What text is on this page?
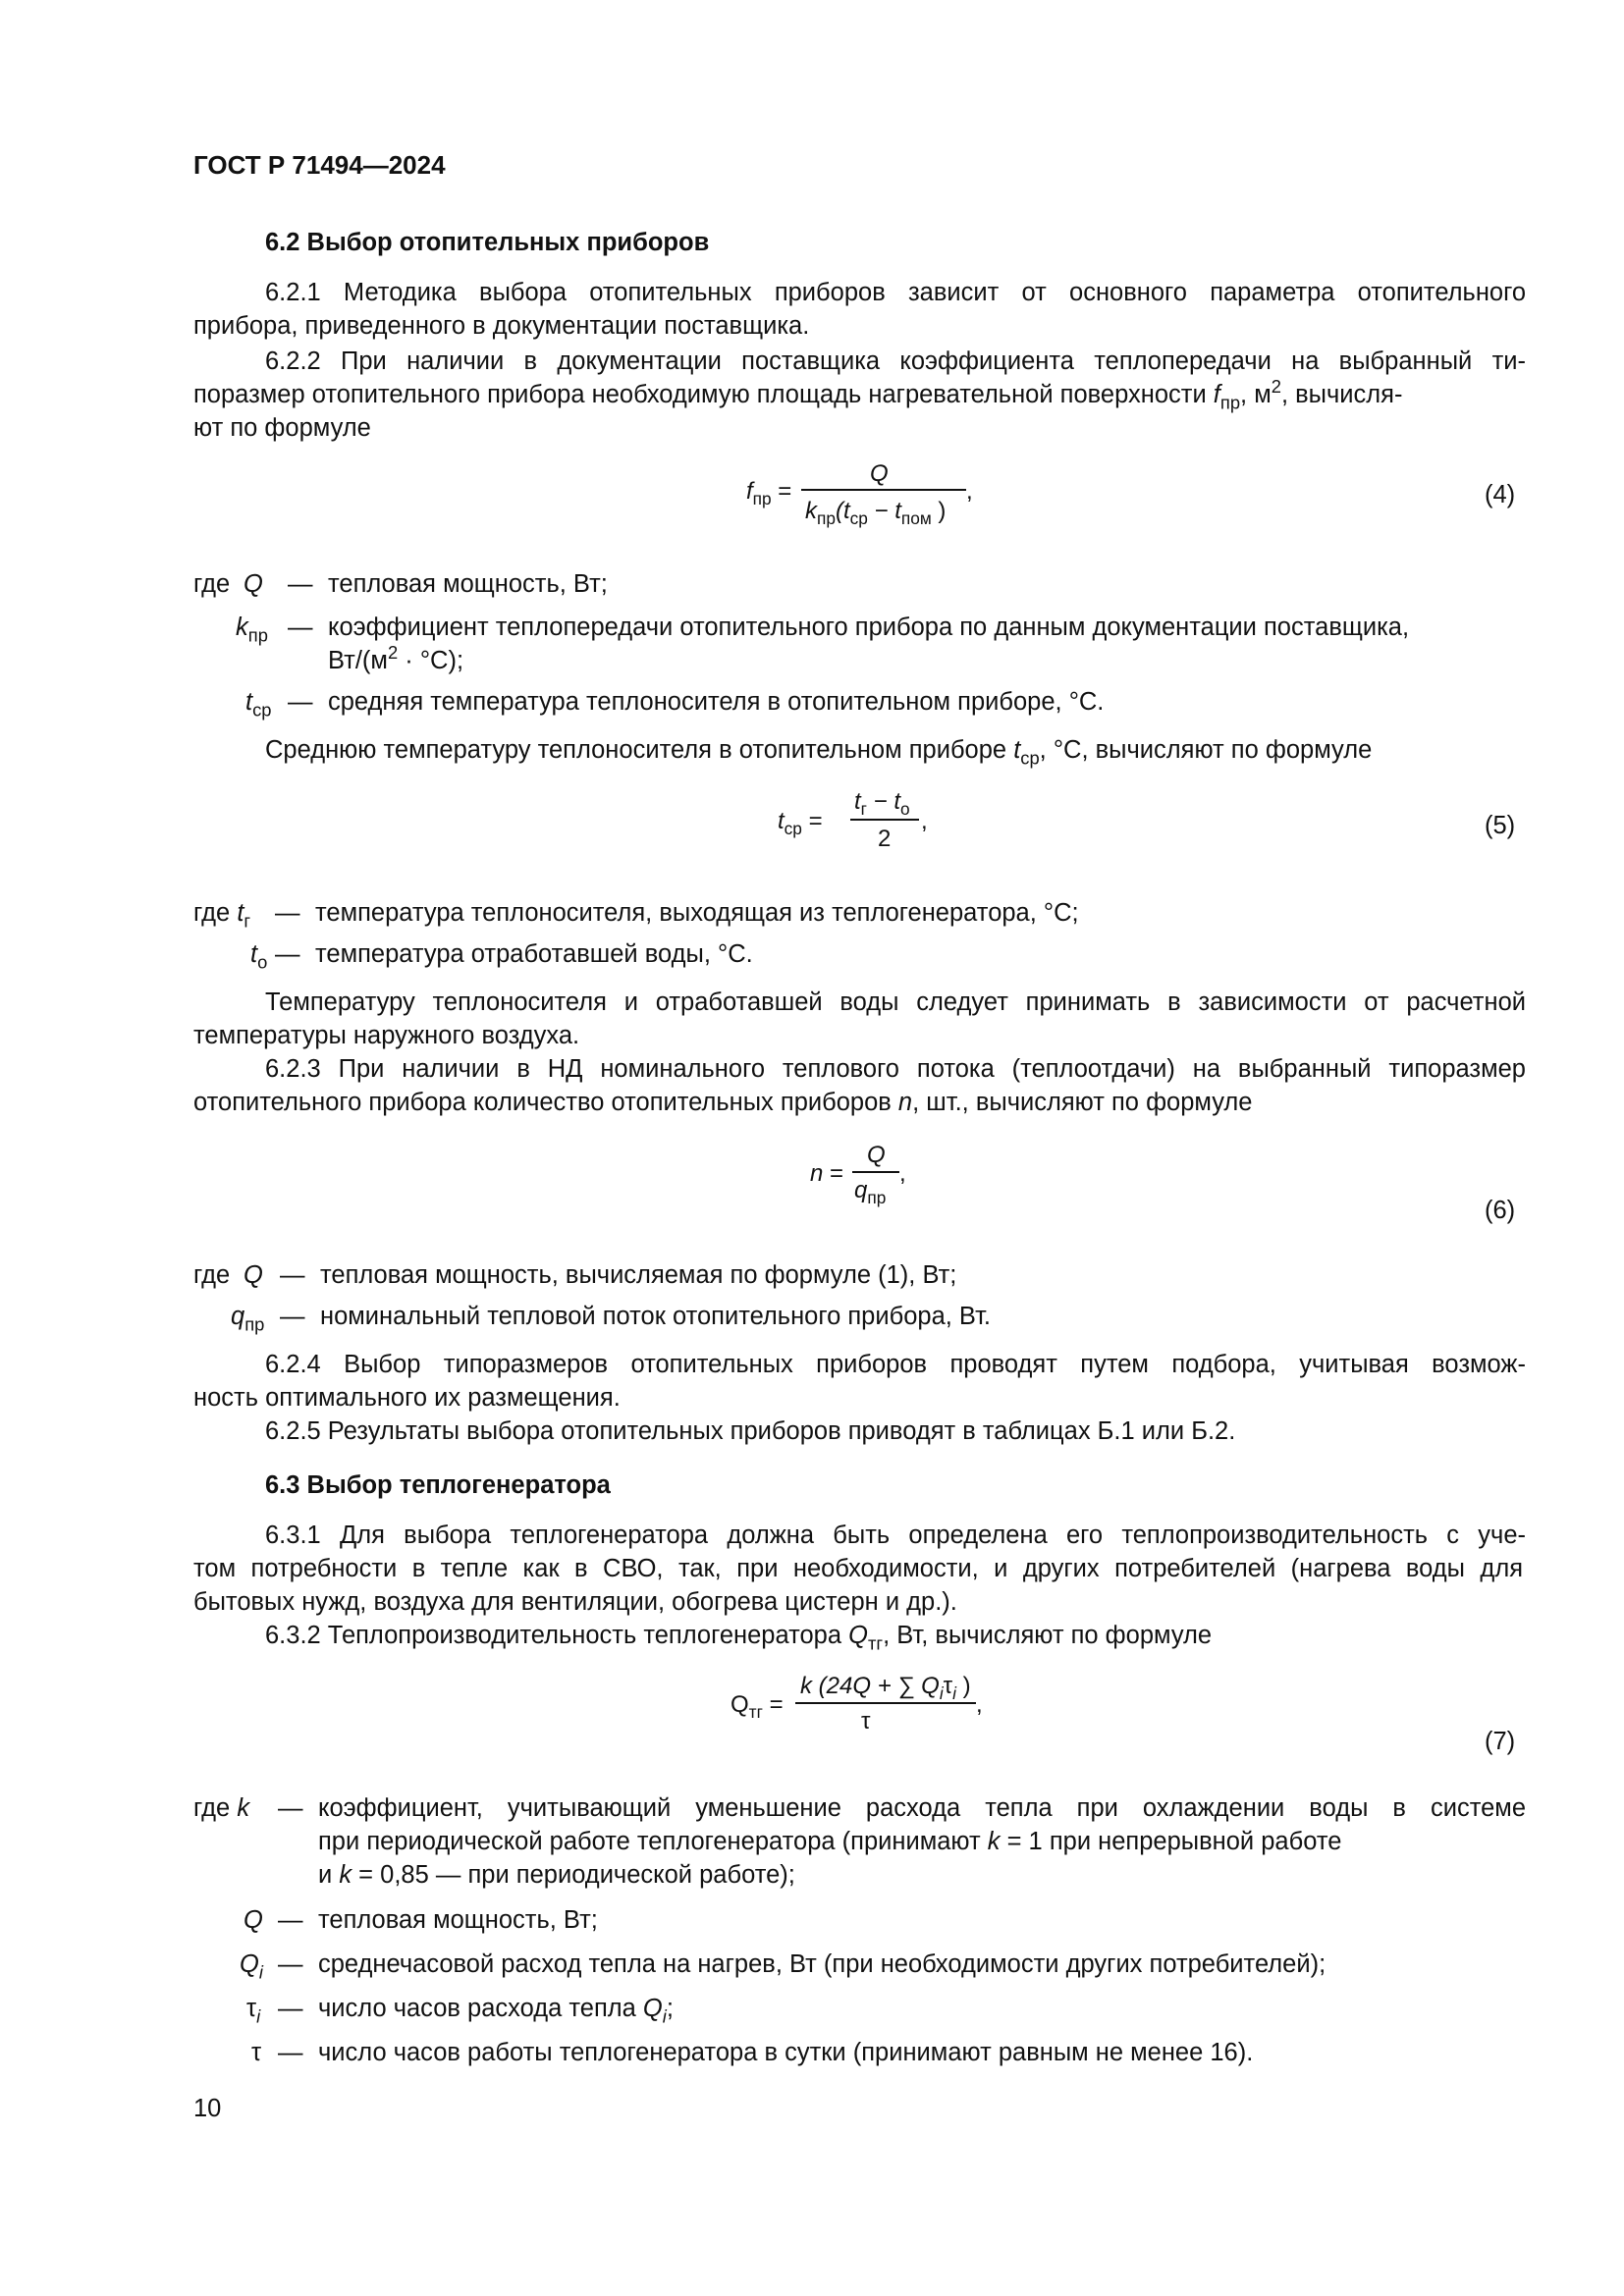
ГОСТ Р 71494—2024
6.2 Выбор отопительных приборов
6.2.1 Методика выбора отопительных приборов зависит от основного параметра отопительного
прибора, приведенного в документации поставщика.
6.2.2 При наличии в документации поставщика коэффициента теплопередачи на выбранный ти-
поразмер отопительного прибора необходимую площадь нагревательной поверхности $f_{пр}$, $м^2$, вычисля-
ют по формуле
$f_{пр}$ =
Q
$k_{пр}(t_{ср} - t_{пом}$ )
,	(4)
где Q — тепловая мощность, Вт;
$k_{пр}$ — коэффициент теплопередачи отопительного прибора по данным документации поставщика,
$Вт/(м^2 \cdot ^\circ С)$;
$t_{ср}$ — средняя температура теплоносителя в отопительном приборе, °С.
Среднюю температуру теплоносителя в отопительном приборе $t_{ср}$, °С, вычисляют по формуле
$t_{ср}$ =
$t_г - t_о$
2
,	(5)
где $t_г$ — температура теплоносителя, выходящая из теплогенератора, °С;
$t_о$ — температура отработавшей воды, °С.
Температуру теплоносителя и отработавшей воды следует принимать в зависимости от расчетной
температуры наружного воздуха.
6.2.3 При наличии в НД номинального теплового потока (теплоотдачи) на выбранный типоразмер
отопительного прибора количество отопительных приборов n, шт., вычисляют по формуле
n =
Q
$q_{пр}$
,
(6)
где Q — тепловая мощность, вычисляемая по формуле (1), Вт;
$q_{пр}$ — номинальный тепловой поток отопительного прибора, Вт.
6.2.4 Выбор типоразмеров отопительных приборов проводят путем подбора, учитывая возмож-
ность оптимального их размещения.
6.2.5 Результаты выбора отопительных приборов приводят в таблицах Б.1 или Б.2.
6.3 Выбор теплогенератора
6.3.1 Для выбора теплогенератора должна быть определена его теплопроизводительность с уче-
том потребности в тепле как в СВО, так, при необходимости, и других потребителей (нагрева воды для
бытовых нужд, воздуха для вентиляции, обогрева цистерн и др.).
6.3.2 Теплопроизводительность теплогенератора $Q_{тг}$, Вт, вычисляют по формуле
$Q_{тг}$ =
k (24Q + ∑ $Q_i\tau_i$ )
τ
,
(7)
где k — коэффициент, учитывающий уменьшение расхода тепла при охлаждении воды в системе
при периодической работе теплогенератора (принимают k = 1 при непрерывной работе
и k = 0,85 — при периодической работе);
Q — тепловая мощность, Вт;
$Q_i$ — среднечасовой расход тепла на нагрев, Вт (при необходимости других потребителей);
$\tau_i$ — число часов расхода тепла $Q_i$;
τ — число часов работы теплогенератора в сутки (принимают равным не менее 16).
10
